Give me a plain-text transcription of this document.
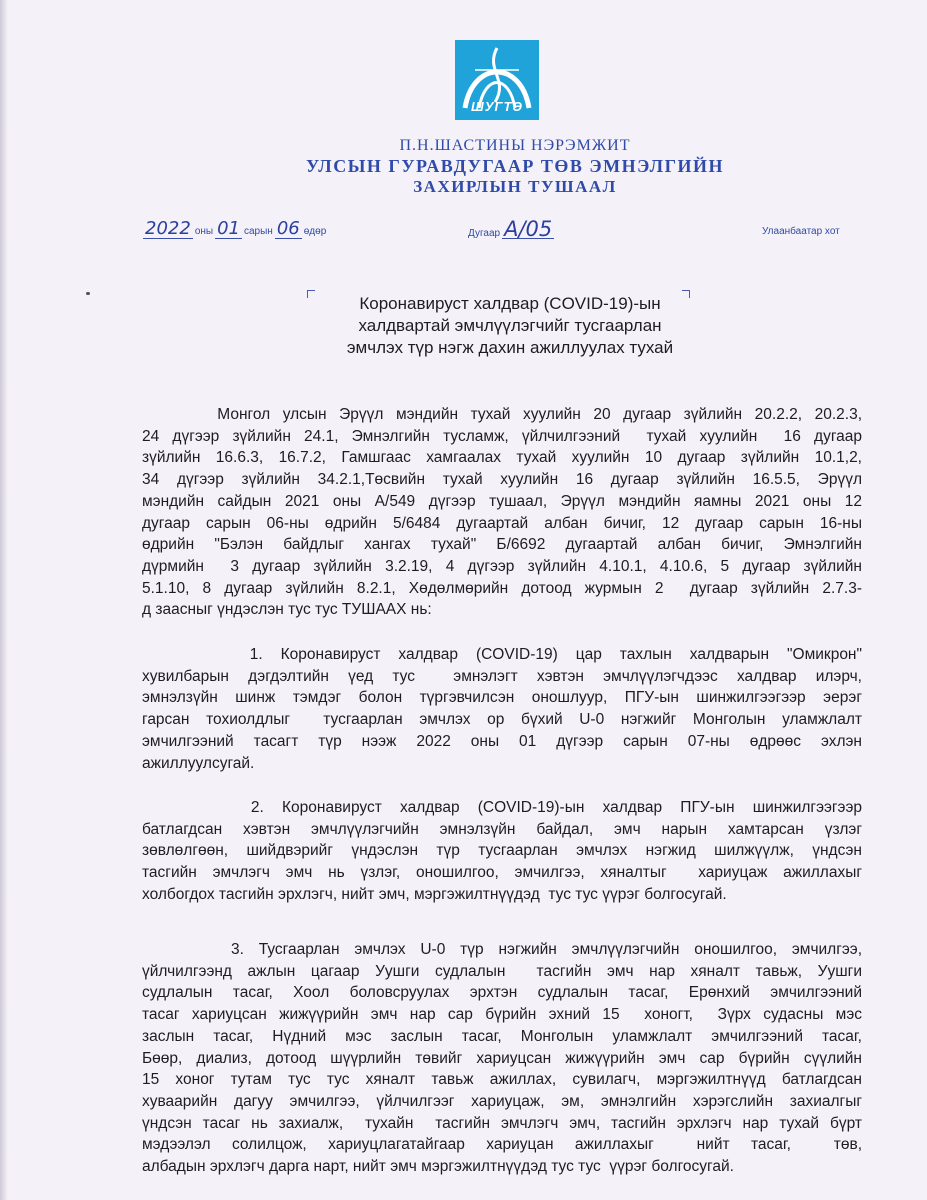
ШУГТЭ
П.Н.ШАСТИНЫ НЭРЭМЖИТ
УЛСЫН ГУРАВДУГААР ТӨВ ЭМНЭЛГИЙН
ЗАХИРЛЫН ТУШААЛ
2022 оны 01 сарын 06 өдөр	Дугаар A/05	Улаанбаатар хот
Коронавируст халдвар (COVID-19)-ын
халдвартай эмчлүүлэгчийг тусгаарлан
эмчлэх түр нэгж дахин ажиллуулах тухай
Монгол улсын Эрүүл мэндийн тухай хуулийн 20 дугаар зүйлийн 20.2.2, 20.2.3,
24 дүгээр зүйлийн 24.1, Эмнэлгийн тусламж, үйлчилгээний  тухай хуулийн  16 дугаар
зүйлийн 16.6.3, 16.7.2, Гамшгаас хамгаалах тухай хуулийн 10 дугаар зүйлийн 10.1,2,
34 дүгээр зүйлийн 34.2.1,Төсвийн тухай хуулийн 16 дугаар зүйлийн 16.5.5, Эрүүл
мэндийн сайдын 2021 оны A/549 дүгээр тушаал, Эрүүл мэндийн яамны 2021 оны 12
дугаар сарын 06-ны өдрийн 5/6484 дугаартай албан бичиг, 12 дугаар сарын 16-ны
өдрийн "Бэлэн байдлыг хангах тухай" Б/6692 дугаартай албан бичиг, Эмнэлгийн
дүрмийн  3 дугаар зүйлийн 3.2.19, 4 дүгээр зүйлийн 4.10.1, 4.10.6, 5 дугаар зүйлийн
5.1.10, 8 дугаар зүйлийн 8.2.1, Хөдөлмөрийн дотоод журмын 2  дугаар зүйлийн 2.7.3-
д заасныг үндэслэн тус тус ТУШААХ нь:
1. Коронавируст халдвар (COVID-19) цар тахлын халдварын "Омикрон"
хувилбарын дэгдэлтийн үед тус  эмнэлэгт хэвтэн эмчлүүлэгчдээс халдвар илэрч,
эмнэлзүйн шинж тэмдэг болон түргэвчилсэн оношлуур, ПГУ-ын шинжилгээгээр эерэг
гарсан тохиолдлыг  тусгаарлан эмчлэх ор бүхий U-0 нэгжийг Монголын уламжлалт
эмчилгээний тасагт түр нээж 2022 оны 01 дүгээр сарын 07-ны өдрөөс эхлэн
ажиллуулсугай.
2. Коронавируст халдвар (COVID-19)-ын халдвар ПГУ-ын шинжилгээгээр
батлагдсан хэвтэн эмчлүүлэгчийн эмнэлзүйн байдал, эмч нарын хамтарсан үзлэг
зөвлөлгөөн, шийдвэрийг үндэслэн түр тусгаарлан эмчлэх нэгжид шилжүүлж, үндсэн
тасгийн эмчлэгч эмч нь үзлэг, оношилгоо, эмчилгээ, хяналтыг  хариуцаж ажиллахыг
холбогдох тасгийн эрхлэгч, нийт эмч, мэргэжилтнүүдэд  тус тус үүрэг болгосугай.
3. Тусгаарлан эмчлэх U-0 түр нэгжийн эмчлүүлэгчийн оношилгоо, эмчилгээ,
үйлчилгээнд ажлын цагаар Уушги судлалын  тасгийн эмч нар хяналт тавьж, Уушги
судлалын тасаг, Хоол боловсруулах эрхтэн судлалын тасаг, Ерөнхий эмчилгээний
тасаг хариуцсан жижүүрийн эмч нар сар бүрийн эхний 15  хоногт,  Зүрх судасны мэс
заслын тасаг, Нүдний мэс заслын тасаг, Монголын уламжлалт эмчилгээний тасаг,
Бөөр, диализ, дотоод шүүрлийн төвийг хариуцсан жижүүрийн эмч сар бүрийн сүүлийн
15 хоног тутам тус тус хяналт тавьж ажиллах, сувилагч, мэргэжилтнүүд батлагдсан
хуваарийн дагуу эмчилгээ, үйлчилгээг хариуцаж, эм, эмнэлгийн хэрэгслийн захиалгыг
үндсэн тасаг нь захиалж,  тухайн  тасгийн эмчлэгч эмч, тасгийн эрхлэгч нар тухай бүрт
мэдээлэл солилцож, хариуцлагатайгаар хариуцан ажиллахыг  нийт тасаг,  төв,
албадын эрхлэгч дарга нарт, нийт эмч мэргэжилтнүүдэд тус тус  үүрэг болгосугай.
